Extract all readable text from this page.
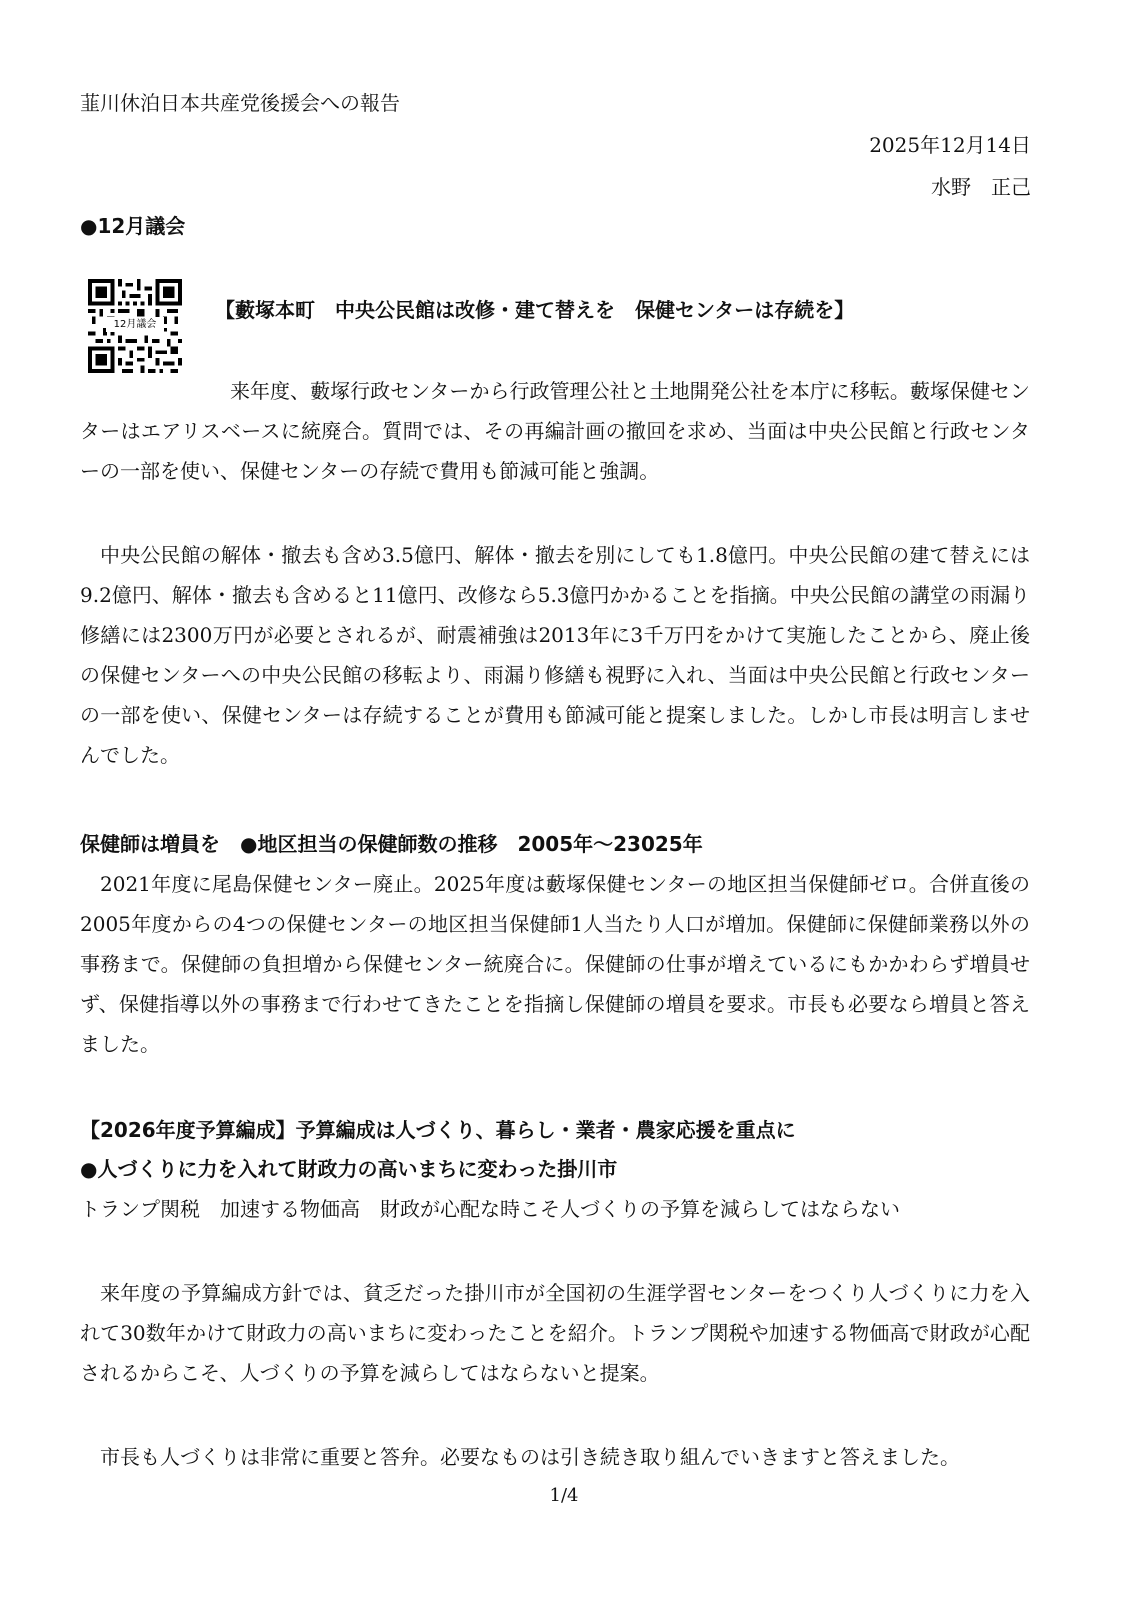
韮川休泊日本共産党後援会への報告
2025年12月14日
水野　正己
●12月議会
12月議会
【藪塚本町　中央公民館は改修・建て替えを　保健センターは存続を】
来年度、藪塚行政センターから行政管理公社と土地開発公社を本庁に移転。藪塚保健センターはエアリスベースに統廃合。質問では、その再編計画の撤回を求め、当面は中央公民館と行政センターの一部を使い、保健センターの存続で費用も節減可能と強調。
中央公民館の解体・撤去も含め3.5億円、解体・撤去を別にしても1.8億円。中央公民館の建て替えには9.2億円、解体・撤去も含めると11億円、改修なら5.3億円かかることを指摘。中央公民館の講堂の雨漏り修繕には2300万円が必要とされるが、耐震補強は2013年に3千万円をかけて実施したことから、廃止後の保健センターへの中央公民館の移転より、雨漏り修繕も視野に入れ、当面は中央公民館と行政センターの一部を使い、保健センターは存続することが費用も節減可能と提案しました。しかし市長は明言しませんでした。
保健師は増員を　●地区担当の保健師数の推移　2005年～23025年
2021年度に尾島保健センター廃止。2025年度は藪塚保健センターの地区担当保健師ゼロ。合併直後の2005年度からの4つの保健センターの地区担当保健師1人当たり人口が増加。保健師に保健師業務以外の事務まで。保健師の負担増から保健センター統廃合に。保健師の仕事が増えているにもかかわらず増員せず、保健指導以外の事務まで行わせてきたことを指摘し保健師の増員を要求。市長も必要なら増員と答えました。
【2026年度予算編成】予算編成は人づくり、暮らし・業者・農家応援を重点に
●人づくりに力を入れて財政力の高いまちに変わった掛川市
トランプ関税　加速する物価高　財政が心配な時こそ人づくりの予算を減らしてはならない
来年度の予算編成方針では、貧乏だった掛川市が全国初の生涯学習センターをつくり人づくりに力を入れて30数年かけて財政力の高いまちに変わったことを紹介。トランプ関税や加速する物価高で財政が心配されるからこそ、人づくりの予算を減らしてはならないと提案。
市長も人づくりは非常に重要と答弁。必要なものは引き続き取り組んでいきますと答えました。
1/4
